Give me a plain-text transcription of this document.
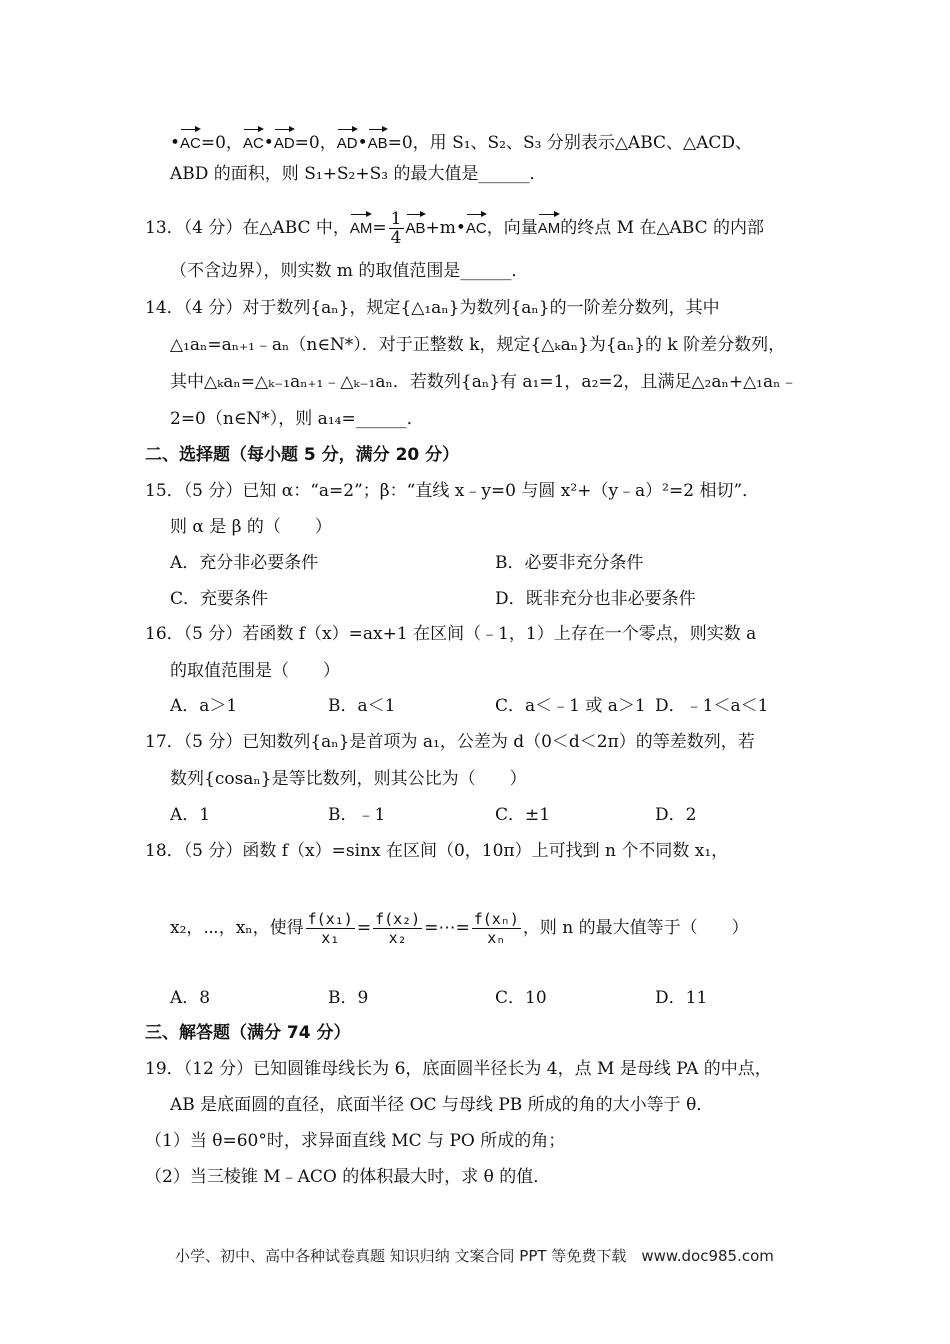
•AC=0，AC•AD=0，AD•AB=0，用 S₁、S₂、S₃ 分别表示△ABC、△ACD、
ABD 的面积，则 S₁+S₂+S₃ 的最大值是______．
13．（4 分）在△ABC 中，$AM= \frac{1}{4}$ AB+m•AC，向量AM的终点 M 在△ABC 的内部
（不含边界），则实数 m 的取值范围是______．
14．（4 分）对于数列{aₙ}，规定{△₁aₙ}为数列{aₙ}的一阶差分数列，其中
△₁aₙ=aₙ₊₁﹣aₙ（n∈N*）．对于正整数 k，规定{△ₖaₙ}为{aₙ}的 k 阶差分数列，
其中△ₖaₙ=△ₖ₋₁aₙ₊₁﹣△ₖ₋₁aₙ．若数列{aₙ}有 a₁=1，a₂=2，且满足△₂aₙ+△₁aₙ﹣
2=0（n∈N*），则 a₁₄=______．
二、选择题（每小题 5 分，满分 20 分）
15．（5 分）已知 α：“a=2”；β：“直线 x﹣y=0 与圆 x²+（y﹣a）²=2 相切”．
则 α 是 β 的（　　）
A．充分非必要条件	B．必要非充分条件
C．充要条件	D．既非充分也非必要条件
16．（5 分）若函数 f（x）=ax+1 在区间（﹣1，1）上存在一个零点，则实数 a
的取值范围是（　　）
A．a＞1	B．a＜1	C．a＜﹣1 或 a＞1 D．﹣1＜a＜1
17．（5 分）已知数列{aₙ}是首项为 a₁，公差为 d（0＜d＜2π）的等差数列，若
数列{cosaₙ}是等比数列，则其公比为（　　）
A．1	B．﹣1	C．±1	D．2
18．（5 分）函数 f（x）=sinx 在区间（0，10π）上可找到 n 个不同数 x₁，
x₂，⋯，xₙ，使得 $\frac{\text{f(x₁)}}{\text{x₁}} = \frac{\text{f(x₂)}}{\text{x₂}}$ =⋯= $\frac{\text{f(xₙ)}}{\text{xₙ}}$ ，则 n 的最大值等于（　　）
A．8	B．9	C．10	D．11
三、解答题（满分 74 分）
19．（12 分）已知圆锥母线长为 6，底面圆半径长为 4，点 M 是母线 PA 的中点，
AB 是底面圆的直径，底面半径 OC 与母线 PB 所成的角的大小等于 θ．
（1）当 θ=60°时，求异面直线 MC 与 PO 所成的角；
（2）当三棱锥 M﹣ACO 的体积最大时，求 θ 的值．
小学、初中、高中各种试卷真题 知识归纳 文案合同 PPT 等免费下载　www.doc985.com
